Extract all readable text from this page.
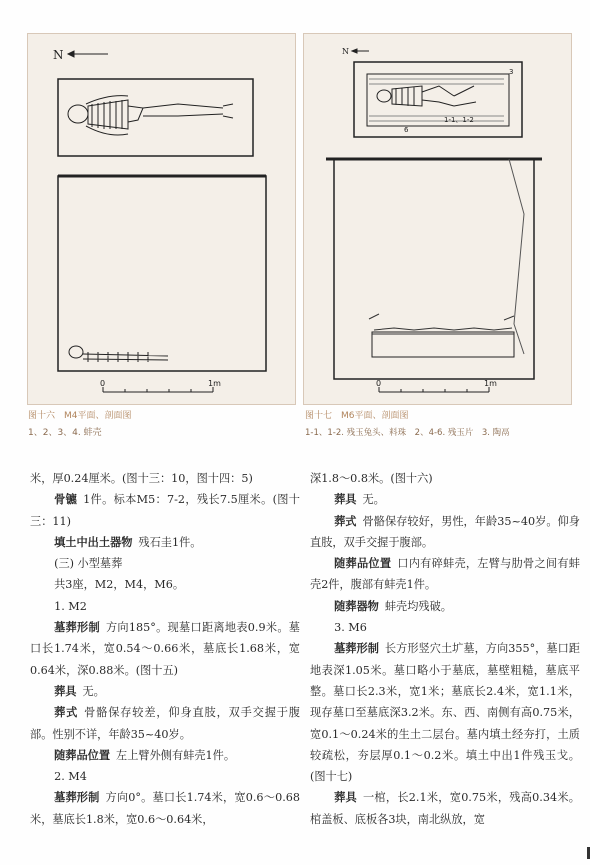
N
0	1m
图十六　M4平面、剖面图
1、2、3、4. 蚌壳
N
1-1、1-2
6
3
0	1m
图十七　M6平面、剖面图
1-1、1-2. 残玉兔头、料珠　2、4-6. 残玉片　3. 陶鬲

米，厚0.24厘米。(图十三：10，图十四：5)

骨镳 1件。标本M5：7-2，残长7.5厘米。(图十三：11)

填土中出土器物 残石圭1件。

(三) 小型墓葬

共3座，M2，M4，M6。

1. M2

墓葬形制 方向185°。现墓口距离地表0.9米。墓口长1.74米，宽0.54～0.66米，墓底长1.68米，宽0.64米，深0.88米。(图十五)

葬具 无。

葬式 骨骼保存较差，仰身直肢，双手交握于腹部。性别不详，年龄35~40岁。

随葬品位置 左上臂外侧有蚌壳1件。

2. M4

墓葬形制 方向0°。墓口长1.74米，宽0.6～0.68米，墓底长1.8米，宽0.6～0.64米，

深1.8～0.8米。(图十六)

葬具 无。

葬式 骨骼保存较好，男性，年龄35~40岁。仰身直肢，双手交握于腹部。

随葬品位置 口内有碎蚌壳，左臂与肋骨之间有蚌壳2件，腹部有蚌壳1件。

随葬器物 蚌壳均残破。

3. M6

墓葬形制 长方形竖穴土圹墓，方向355°，墓口距地表深1.05米。墓口略小于墓底，墓壁粗糙，墓底平整。墓口长2.3米，宽1米；墓底长2.4米，宽1.1米，现存墓口至墓底深3.2米。东、西、南侧有高0.75米，宽0.1～0.24米的生土二层台。墓内填土经夯打，土质较疏松，夯层厚0.1～0.2米。填土中出1件残玉戈。(图十七)

葬具 一棺，长2.1米，宽0.75米，残高0.34米。棺盖板、底板各3块，南北纵放，宽
